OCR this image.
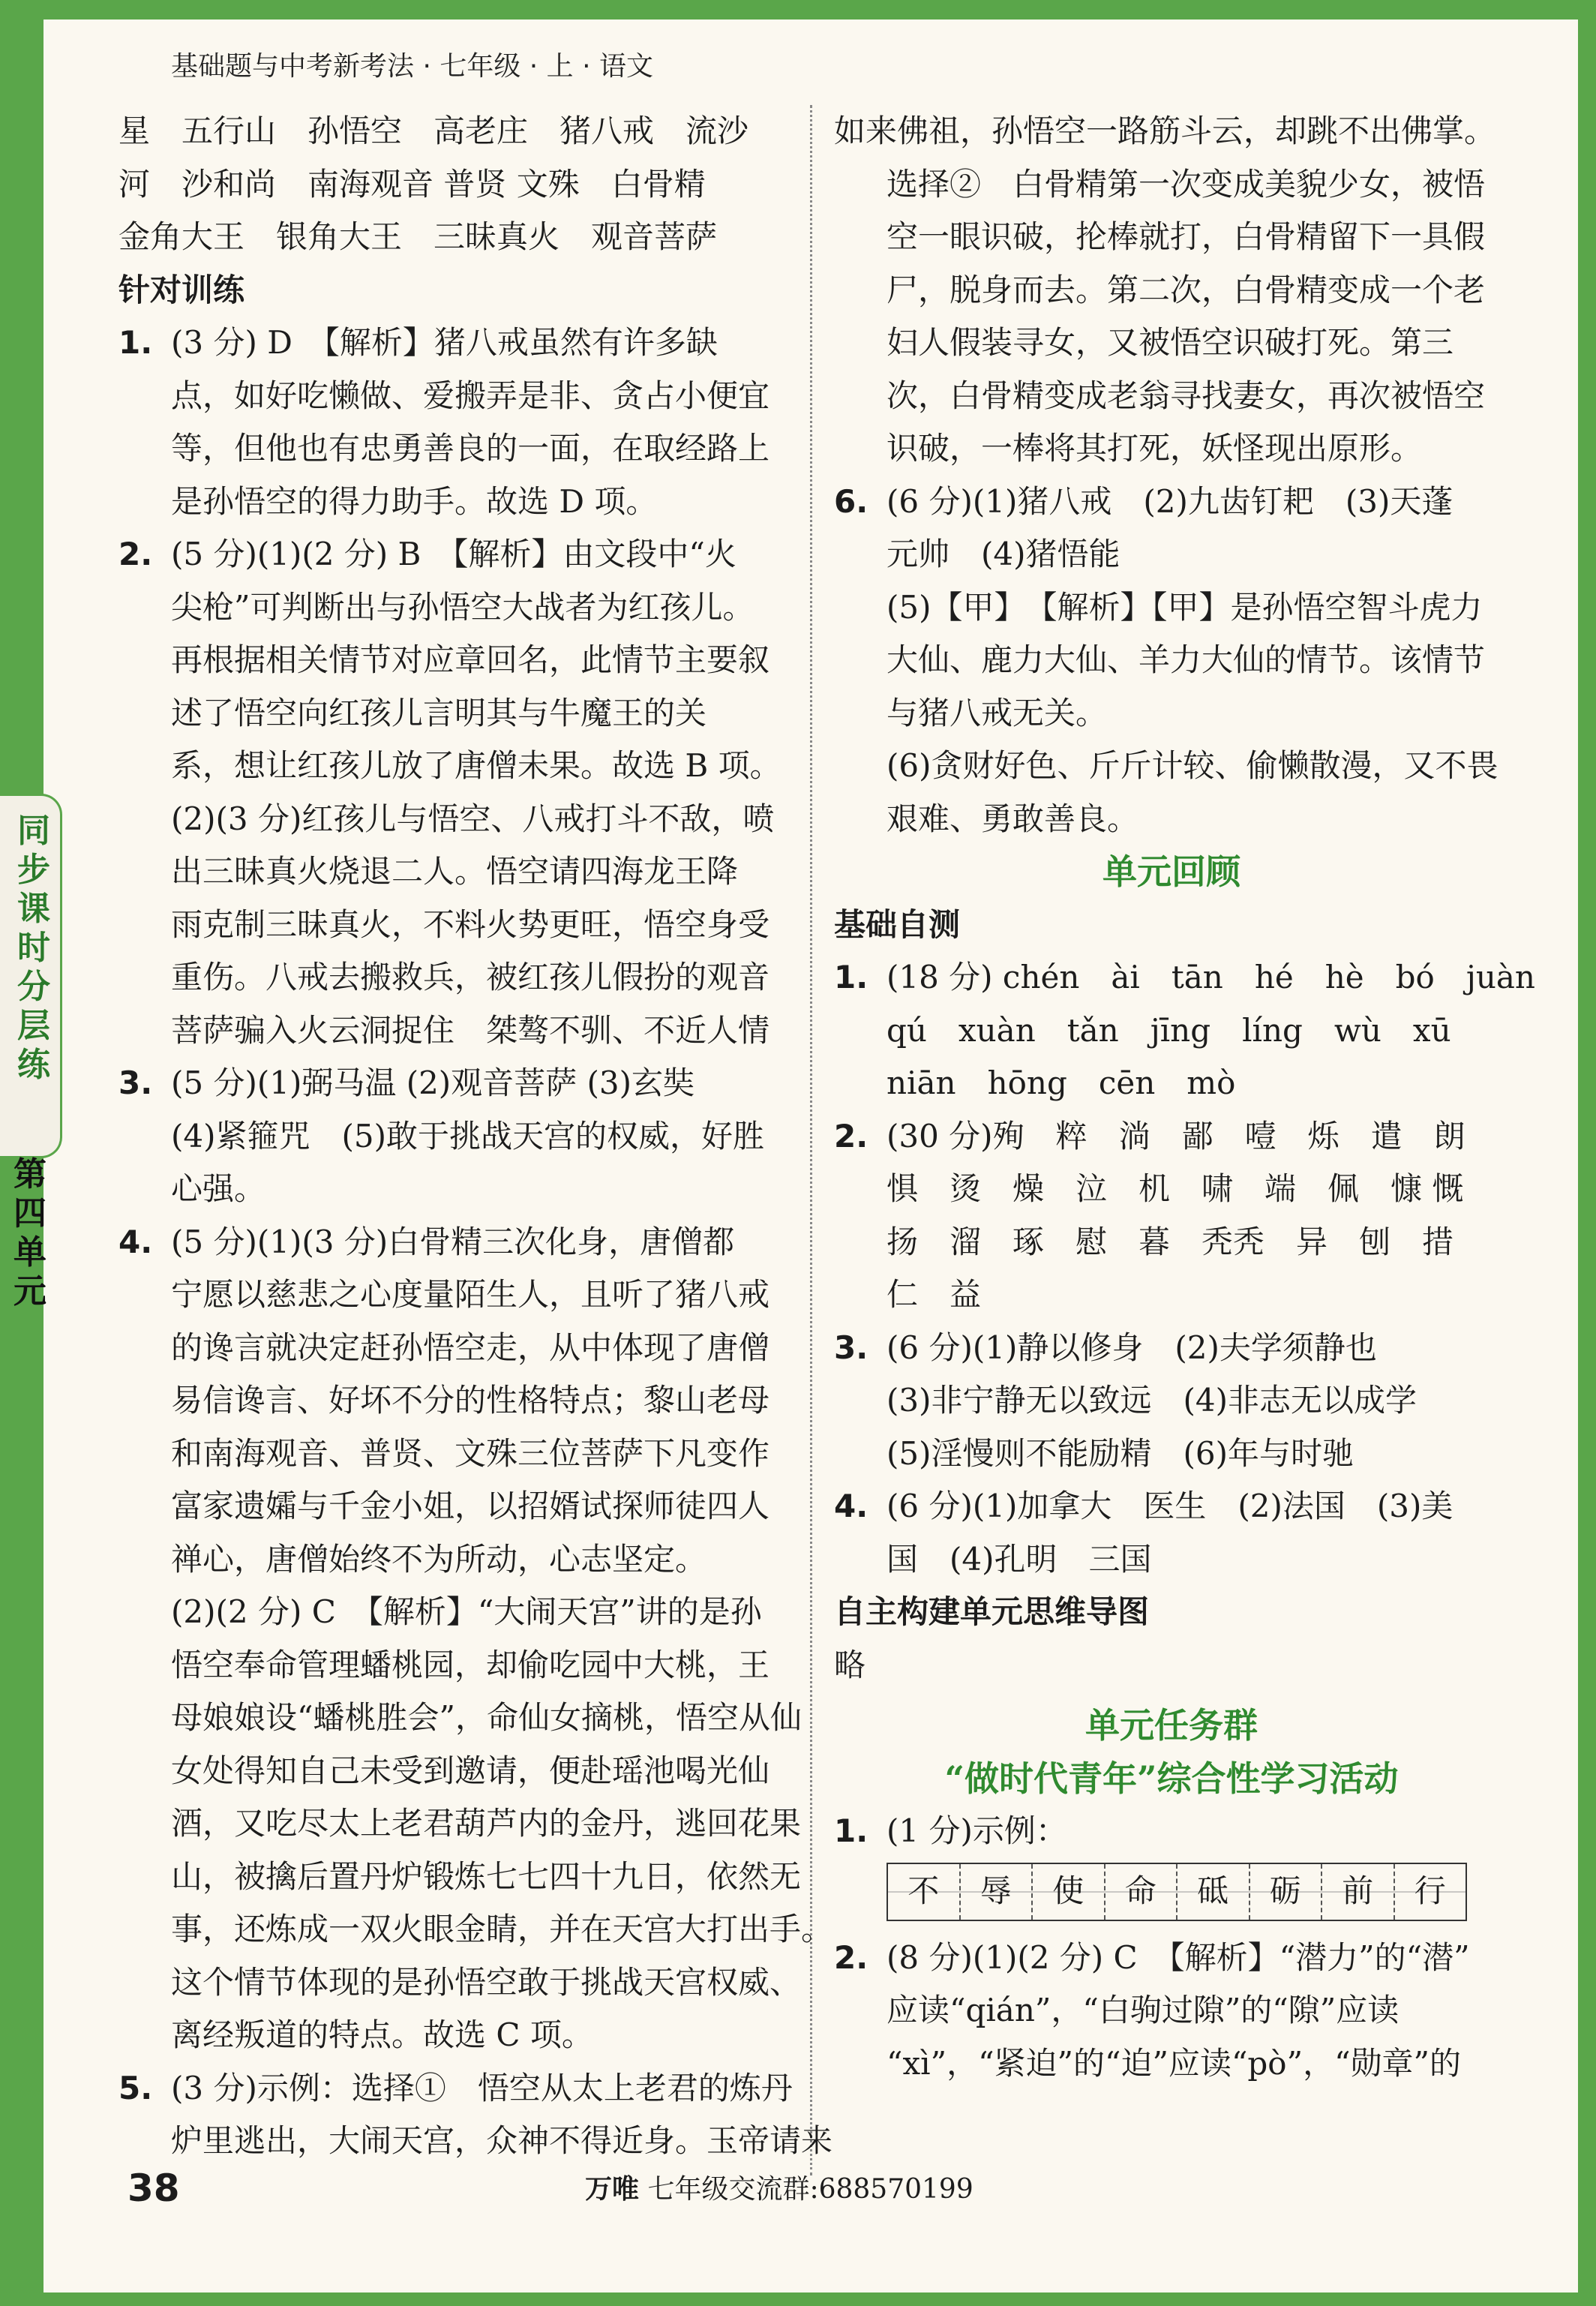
基础题与中考新考法 · 七年级 · 上 · 语文
同
步
课
时
分
层
练
第
四
单
元
星　五行山　孙悟空　高老庄　猪八戒　流沙
河　沙和尚　南海观音 普贤 文殊　白骨精
金角大王　银角大王　三昧真火　观音菩萨
针对训练
1. (3 分) D　【解析】猪八戒虽然有许多缺
点，如好吃懒做、爱搬弄是非、贪占小便宜
等，但他也有忠勇善良的一面，在取经路上
是孙悟空的得力助手。故选 D 项。
2. (5 分)(1)(2 分) B　【解析】由文段中“火
尖枪”可判断出与孙悟空大战者为红孩儿。
再根据相关情节对应章回名，此情节主要叙
述了悟空向红孩儿言明其与牛魔王的关
系，想让红孩儿放了唐僧未果。故选 B 项。
(2)(3 分)红孩儿与悟空、八戒打斗不敌，喷
出三昧真火烧退二人。悟空请四海龙王降
雨克制三昧真火，不料火势更旺，悟空身受
重伤。八戒去搬救兵，被红孩儿假扮的观音
菩萨骗入火云洞捉住　桀骜不驯、不近人情
3. (5 分)(1)弼马温 (2)观音菩萨 (3)玄奘
(4)紧箍咒　(5)敢于挑战天宫的权威，好胜
心强。
4. (5 分)(1)(3 分)白骨精三次化身，唐僧都
宁愿以慈悲之心度量陌生人，且听了猪八戒
的谗言就决定赶孙悟空走，从中体现了唐僧
易信谗言、好坏不分的性格特点；黎山老母
和南海观音、普贤、文殊三位菩萨下凡变作
富家遗孀与千金小姐，以招婿试探师徒四人
禅心，唐僧始终不为所动，心志坚定。
(2)(2 分) C　【解析】“大闹天宫”讲的是孙
悟空奉命管理蟠桃园，却偷吃园中大桃，王
母娘娘设“蟠桃胜会”，命仙女摘桃，悟空从仙
女处得知自己未受到邀请，便赴瑶池喝光仙
酒，又吃尽太上老君葫芦内的金丹，逃回花果
山，被擒后置丹炉锻炼七七四十九日，依然无
事，还炼成一双火眼金睛，并在天宫大打出手。
这个情节体现的是孙悟空敢于挑战天宫权威、
离经叛道的特点。故选 C 项。
5. (3 分)示例：选择①　悟空从太上老君的炼丹
炉里逃出，大闹天宫，众神不得近身。玉帝请来
如来佛祖，孙悟空一路筋斗云，却跳不出佛掌。
选择②　白骨精第一次变成美貌少女，被悟
空一眼识破，抡棒就打，白骨精留下一具假
尸，脱身而去。第二次，白骨精变成一个老
妇人假装寻女，又被悟空识破打死。第三
次，白骨精变成老翁寻找妻女，再次被悟空
识破，一棒将其打死，妖怪现出原形。
6. (6 分)(1)猪八戒　(2)九齿钉耙　(3)天蓬
元帅　(4)猪悟能
(5)【甲】　【解析】【甲】是孙悟空智斗虎力
大仙、鹿力大仙、羊力大仙的情节。该情节
与猪八戒无关。
(6)贪财好色、斤斤计较、偷懒散漫，又不畏
艰难、勇敢善良。
单元回顾
基础自测
1. (18 分) chén　ài　tān　hé　hè　bó　juàn
qú　xuàn　tǎn　jīng　líng　wù　xū
niān　hōng　cēn　mò
2. (30 分)殉　粹　淌　鄙　噎　烁　遣　朗
惧　烫　燥　泣　机　啸　端　佩　慷 慨
扬　溜　琢　慰　暮　秃秃　异　刨　措
仁　益
3. (6 分)(1)静以修身　(2)夫学须静也
(3)非宁静无以致远　(4)非志无以成学
(5)淫慢则不能励精　(6)年与时驰
4. (6 分)(1)加拿大　医生　(2)法国　(3)美
国　(4)孔明　三国
自主构建单元思维导图
略
单元任务群
“做时代青年”综合性学习活动
1. (1 分)示例：
不	辱	使	命	砥	砺	前	行
2. (8 分)(1)(2 分) C　【解析】“潜力”的“潜”
应读“qián”，“白驹过隙”的“隙”应读
“xì”，“紧迫”的“迫”应读“pò”，“勋章”的
38	万唯 七年级交流群:688570199
